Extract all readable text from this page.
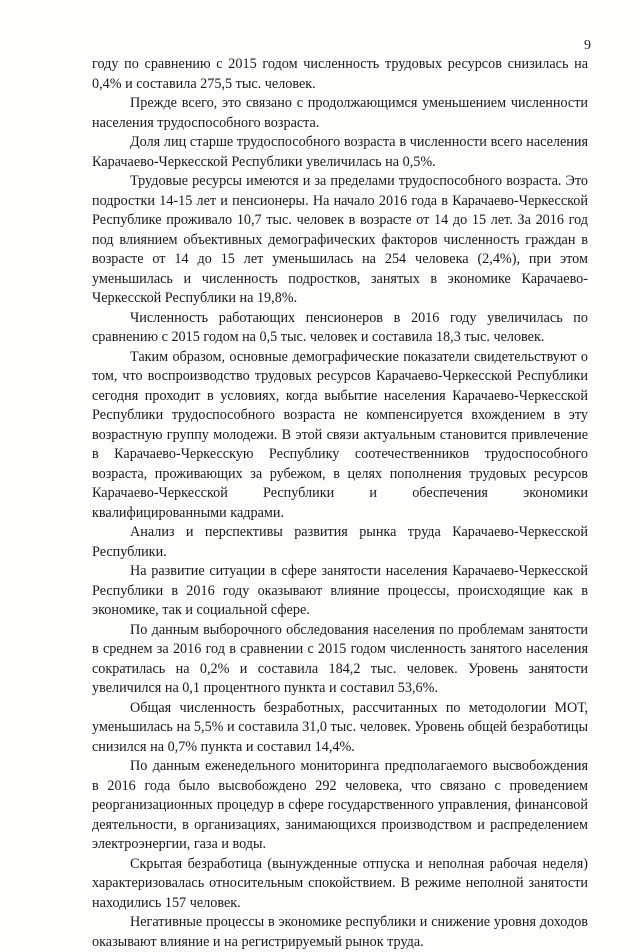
9

году по сравнению с 2015 годом численность трудовых ресурсов снизилась на 0,4% и составила 275,5 тыс. человек.

Прежде всего, это связано с продолжающимся уменьшением численности населения трудоспособного возраста.

Доля лиц старше трудоспособного возраста в численности всего населения Карачаево-Черкесской Республики увеличилась на 0,5%.

Трудовые ресурсы имеются и за пределами трудоспособного возраста. Это подростки 14-15 лет и пенсионеры. На начало 2016 года в Карачаево-Черкесской Республике проживало 10,7 тыс. человек в возрасте от 14 до 15 лет. За 2016 год под влиянием объективных демографических факторов численность граждан в возрасте от 14 до 15 лет уменьшилась на 254 человека (2,4%), при этом уменьшилась и численность подростков, занятых в экономике Карачаево-Черкесской Республики на 19,8%.

Численность работающих пенсионеров в 2016 году увеличилась по сравнению с 2015 годом на 0,5 тыс. человек и составила 18,3 тыс. человек.

Таким образом, основные демографические показатели свидетельствуют о том, что воспроизводство трудовых ресурсов Карачаево-Черкесской Республики сегодня проходит в условиях, когда выбытие населения Карачаево-Черкесской Республики трудоспособного возраста не компенсируется вхождением в эту возрастную группу молодежи. В этой связи актуальным становится привлечение в Карачаево-Черкесскую Республику соотечественников трудоспособного возраста, проживающих за рубежом, в целях пополнения трудовых ресурсов Карачаево-Черкесской Республики и обеспечения экономики квалифицированными кадрами.

Анализ и перспективы развития рынка труда Карачаево-Черкесской Республики.

На развитие ситуации в сфере занятости населения Карачаево-Черкесской Республики в 2016 году оказывают влияние процессы, происходящие как в экономике, так и социальной сфере.

По данным выборочного обследования населения по проблемам занятости в среднем за 2016 год в сравнении с 2015 годом численность занятого населения сократилась на 0,2% и составила 184,2 тыс. человек. Уровень занятости увеличился на 0,1 процентного пункта и составил 53,6%.

Общая численность безработных, рассчитанных по методологии МОТ, уменьшилась на 5,5% и составила 31,0 тыс. человек. Уровень общей безработицы снизился на 0,7% пункта и составил 14,4%.

По данным еженедельного мониторинга предполагаемого высвобождения в 2016 года было высвобождено 292 человека, что связано с проведением реорганизационных процедур в сфере государственного управления, финансовой деятельности, в организациях, занимающихся производством и распределением электроэнергии, газа и воды.

Скрытая безработица (вынужденные отпуска и неполная рабочая неделя) характеризовалась относительным спокойствием. В режиме неполной занятости находились 157 человек.

Негативные процессы в экономике республики и снижение уровня доходов оказывают влияние и на регистрируемый рынок труда.
